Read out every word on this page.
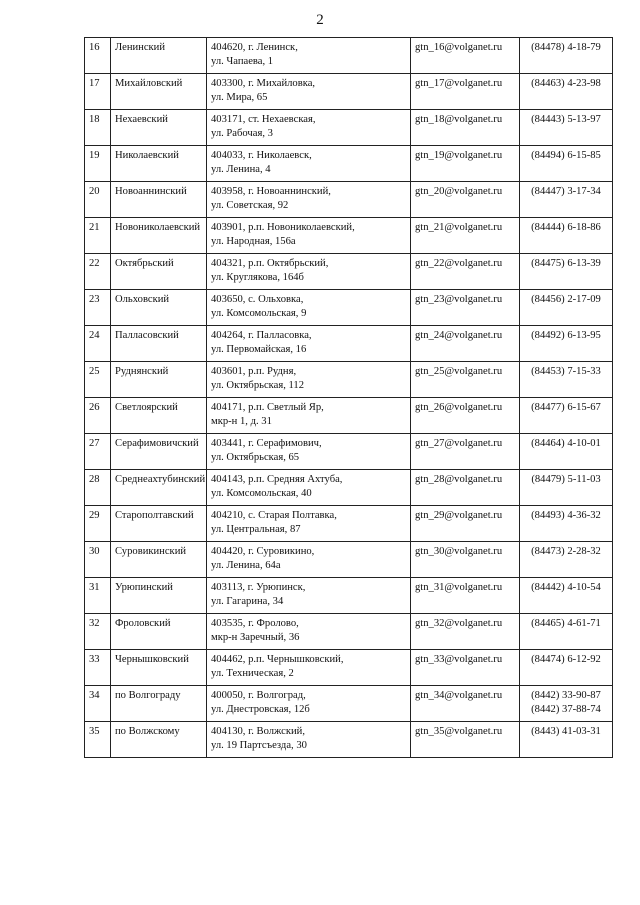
2
16	Ленинский	404620, г. Ленинск,
ул. Чапаева, 1	gtn_16@volganet.ru	(84478) 4-18-79

17	Михайловский	403300, г. Михайловка,
ул. Мира, 65	gtn_17@volganet.ru	(84463) 4-23-98

18	Нехаевский	403171, ст. Нехаевская,
ул. Рабочая, 3	gtn_18@volganet.ru	(84443) 5-13-97

19	Николаевский	404033, г. Николаевск,
ул. Ленина, 4	gtn_19@volganet.ru	(84494) 6-15-85

20	Новоаннинский	403958, г. Новоаннинский,
ул. Советская, 92	gtn_20@volganet.ru	(84447) 3-17-34

21	Новониколаевский	403901, р.п. Новониколаевский,
ул. Народная, 156а	gtn_21@volganet.ru	(84444) 6-18-86

22	Октябрьский	404321, р.п. Октябрьский,
ул. Круглякова, 164б	gtn_22@volganet.ru	(84475) 6-13-39

23	Ольховский	403650, с. Ольховка,
ул. Комсомольская, 9	gtn_23@volganet.ru	(84456) 2-17-09

24	Палласовский	404264, г. Палласовка,
ул. Первомайская, 16	gtn_24@volganet.ru	(84492) 6-13-95

25	Руднянский	403601, р.п. Рудня,
ул. Октябрьская, 112	gtn_25@volganet.ru	(84453) 7-15-33

26	Светлоярский	404171, р.п. Светлый Яр,
мкр-н 1, д. 31	gtn_26@volganet.ru	(84477) 6-15-67

27	Серафимовичский	403441, г. Серафимович,
ул. Октябрьская, 65	gtn_27@volganet.ru	(84464) 4-10-01

28	Среднеахтубинский	404143, р.п. Средняя Ахтуба,
ул. Комсомольская, 40	gtn_28@volganet.ru	(84479) 5-11-03

29	Старополтавский	404210, с. Старая Полтавка,
ул. Центральная, 87	gtn_29@volganet.ru	(84493) 4-36-32

30	Суровикинский	404420, г. Суровикино,
ул. Ленина, 64а	gtn_30@volganet.ru	(84473) 2-28-32

31	Урюпинский	403113, г. Урюпинск,
ул. Гагарина, 34	gtn_31@volganet.ru	(84442) 4-10-54

32	Фроловский	403535, г. Фролово,
мкр-н Заречный, 36	gtn_32@volganet.ru	(84465) 4-61-71

33	Чернышковский	404462, р.п. Чернышковский,
ул. Техническая, 2	gtn_33@volganet.ru	(84474) 6-12-92

34	по Волгограду	400050, г. Волгоград,
ул. Днестровская, 12б	gtn_34@volganet.ru	(8442) 33-90-87
(8442) 37-88-74

35	по Волжскому	404130, г. Волжский,
ул. 19 Партсъезда, 30	gtn_35@volganet.ru	(8443) 41-03-31
